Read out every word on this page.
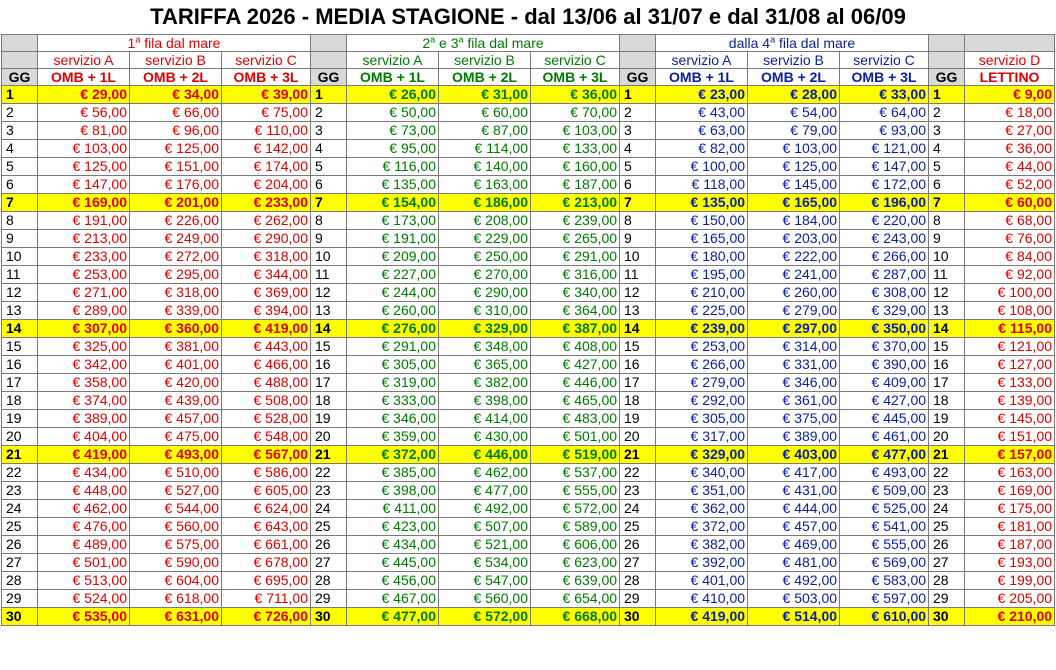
TARIFFA 2026 - MEDIA STAGIONE - dal 13/06 al 31/07 e dal 31/08 al 06/09
	1$^a$ fila dal mare				2$^a$ e 3$^a$ fila dal mare				dalla 4$^a$ fila dal mare				
	servizio A	servizio B	servizio C		servizio A	servizio B	servizio C		servizio A	servizio B	servizio C		servizio D
GG	OMB + 1L	OMB + 2L	OMB + 3L	GG	OMB + 1L	OMB + 2L	OMB + 3L	GG	OMB + 1L	OMB + 2L	OMB + 3L	GG	LETTINO
1	€ 29,00	€ 34,00	€ 39,00	1	€ 26,00	€ 31,00	€ 36,00	1	€ 23,00	€ 28,00	€ 33,00	1	€ 9,00
2	€ 56,00	€ 66,00	€ 75,00	2	€ 50,00	€ 60,00	€ 70,00	2	€ 43,00	€ 54,00	€ 64,00	2	€ 18,00
3	€ 81,00	€ 96,00	€ 110,00	3	€ 73,00	€ 87,00	€ 103,00	3	€ 63,00	€ 79,00	€ 93,00	3	€ 27,00
4	€ 103,00	€ 125,00	€ 142,00	4	€ 95,00	€ 114,00	€ 133,00	4	€ 82,00	€ 103,00	€ 121,00	4	€ 36,00
5	€ 125,00	€ 151,00	€ 174,00	5	€ 116,00	€ 140,00	€ 160,00	5	€ 100,00	€ 125,00	€ 147,00	5	€ 44,00
6	€ 147,00	€ 176,00	€ 204,00	6	€ 135,00	€ 163,00	€ 187,00	6	€ 118,00	€ 145,00	€ 172,00	6	€ 52,00
7	€ 169,00	€ 201,00	€ 233,00	7	€ 154,00	€ 186,00	€ 213,00	7	€ 135,00	€ 165,00	€ 196,00	7	€ 60,00
8	€ 191,00	€ 226,00	€ 262,00	8	€ 173,00	€ 208,00	€ 239,00	8	€ 150,00	€ 184,00	€ 220,00	8	€ 68,00
9	€ 213,00	€ 249,00	€ 290,00	9	€ 191,00	€ 229,00	€ 265,00	9	€ 165,00	€ 203,00	€ 243,00	9	€ 76,00
10	€ 233,00	€ 272,00	€ 318,00	10	€ 209,00	€ 250,00	€ 291,00	10	€ 180,00	€ 222,00	€ 266,00	10	€ 84,00
11	€ 253,00	€ 295,00	€ 344,00	11	€ 227,00	€ 270,00	€ 316,00	11	€ 195,00	€ 241,00	€ 287,00	11	€ 92,00
12	€ 271,00	€ 318,00	€ 369,00	12	€ 244,00	€ 290,00	€ 340,00	12	€ 210,00	€ 260,00	€ 308,00	12	€ 100,00
13	€ 289,00	€ 339,00	€ 394,00	13	€ 260,00	€ 310,00	€ 364,00	13	€ 225,00	€ 279,00	€ 329,00	13	€ 108,00
14	€ 307,00	€ 360,00	€ 419,00	14	€ 276,00	€ 329,00	€ 387,00	14	€ 239,00	€ 297,00	€ 350,00	14	€ 115,00
15	€ 325,00	€ 381,00	€ 443,00	15	€ 291,00	€ 348,00	€ 408,00	15	€ 253,00	€ 314,00	€ 370,00	15	€ 121,00
16	€ 342,00	€ 401,00	€ 466,00	16	€ 305,00	€ 365,00	€ 427,00	16	€ 266,00	€ 331,00	€ 390,00	16	€ 127,00
17	€ 358,00	€ 420,00	€ 488,00	17	€ 319,00	€ 382,00	€ 446,00	17	€ 279,00	€ 346,00	€ 409,00	17	€ 133,00
18	€ 374,00	€ 439,00	€ 508,00	18	€ 333,00	€ 398,00	€ 465,00	18	€ 292,00	€ 361,00	€ 427,00	18	€ 139,00
19	€ 389,00	€ 457,00	€ 528,00	19	€ 346,00	€ 414,00	€ 483,00	19	€ 305,00	€ 375,00	€ 445,00	19	€ 145,00
20	€ 404,00	€ 475,00	€ 548,00	20	€ 359,00	€ 430,00	€ 501,00	20	€ 317,00	€ 389,00	€ 461,00	20	€ 151,00
21	€ 419,00	€ 493,00	€ 567,00	21	€ 372,00	€ 446,00	€ 519,00	21	€ 329,00	€ 403,00	€ 477,00	21	€ 157,00
22	€ 434,00	€ 510,00	€ 586,00	22	€ 385,00	€ 462,00	€ 537,00	22	€ 340,00	€ 417,00	€ 493,00	22	€ 163,00
23	€ 448,00	€ 527,00	€ 605,00	23	€ 398,00	€ 477,00	€ 555,00	23	€ 351,00	€ 431,00	€ 509,00	23	€ 169,00
24	€ 462,00	€ 544,00	€ 624,00	24	€ 411,00	€ 492,00	€ 572,00	24	€ 362,00	€ 444,00	€ 525,00	24	€ 175,00
25	€ 476,00	€ 560,00	€ 643,00	25	€ 423,00	€ 507,00	€ 589,00	25	€ 372,00	€ 457,00	€ 541,00	25	€ 181,00
26	€ 489,00	€ 575,00	€ 661,00	26	€ 434,00	€ 521,00	€ 606,00	26	€ 382,00	€ 469,00	€ 555,00	26	€ 187,00
27	€ 501,00	€ 590,00	€ 678,00	27	€ 445,00	€ 534,00	€ 623,00	27	€ 392,00	€ 481,00	€ 569,00	27	€ 193,00
28	€ 513,00	€ 604,00	€ 695,00	28	€ 456,00	€ 547,00	€ 639,00	28	€ 401,00	€ 492,00	€ 583,00	28	€ 199,00
29	€ 524,00	€ 618,00	€ 711,00	29	€ 467,00	€ 560,00	€ 654,00	29	€ 410,00	€ 503,00	€ 597,00	29	€ 205,00
30	€ 535,00	€ 631,00	€ 726,00	30	€ 477,00	€ 572,00	€ 668,00	30	€ 419,00	€ 514,00	€ 610,00	30	€ 210,00
